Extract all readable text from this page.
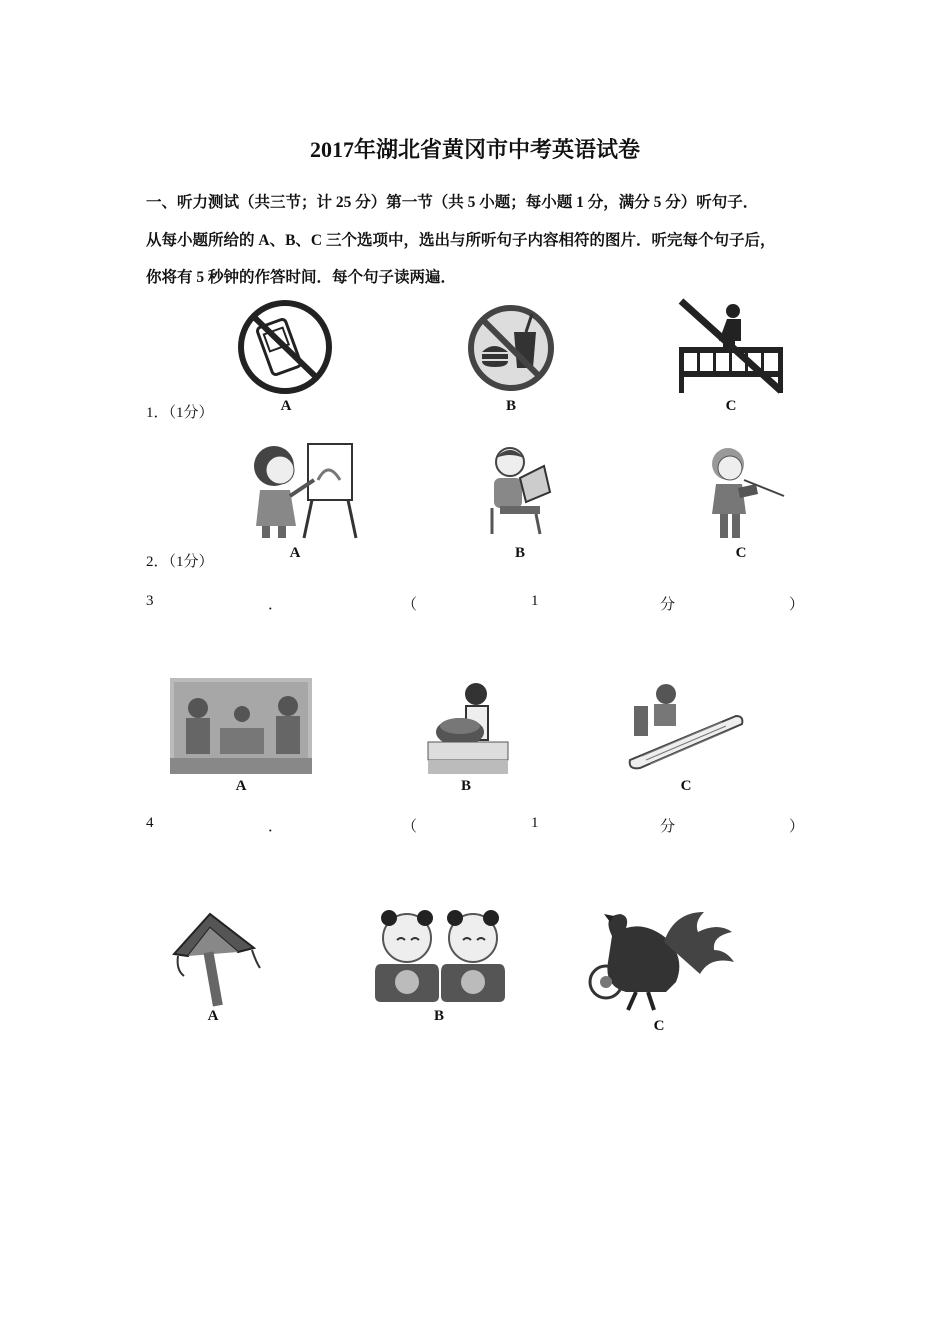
2017年湖北省黄冈市中考英语试卷
一、听力测试（共三节；计 25 分）第一节（共 5 小题；每小题 1 分，满分 5 分）听句子．
从每小题所给的 A、B、C 三个选项中，选出与所听句子内容相符的图片．听完每个句子后，
你将有 5 秒钟的作答时间．每个句子读两遍．
A	B	C
1．（1分）
A	B	C
2．（1分）
3	．	（	1	分	）
A	B	C
4	．	（	1	分	）
A	B
C
